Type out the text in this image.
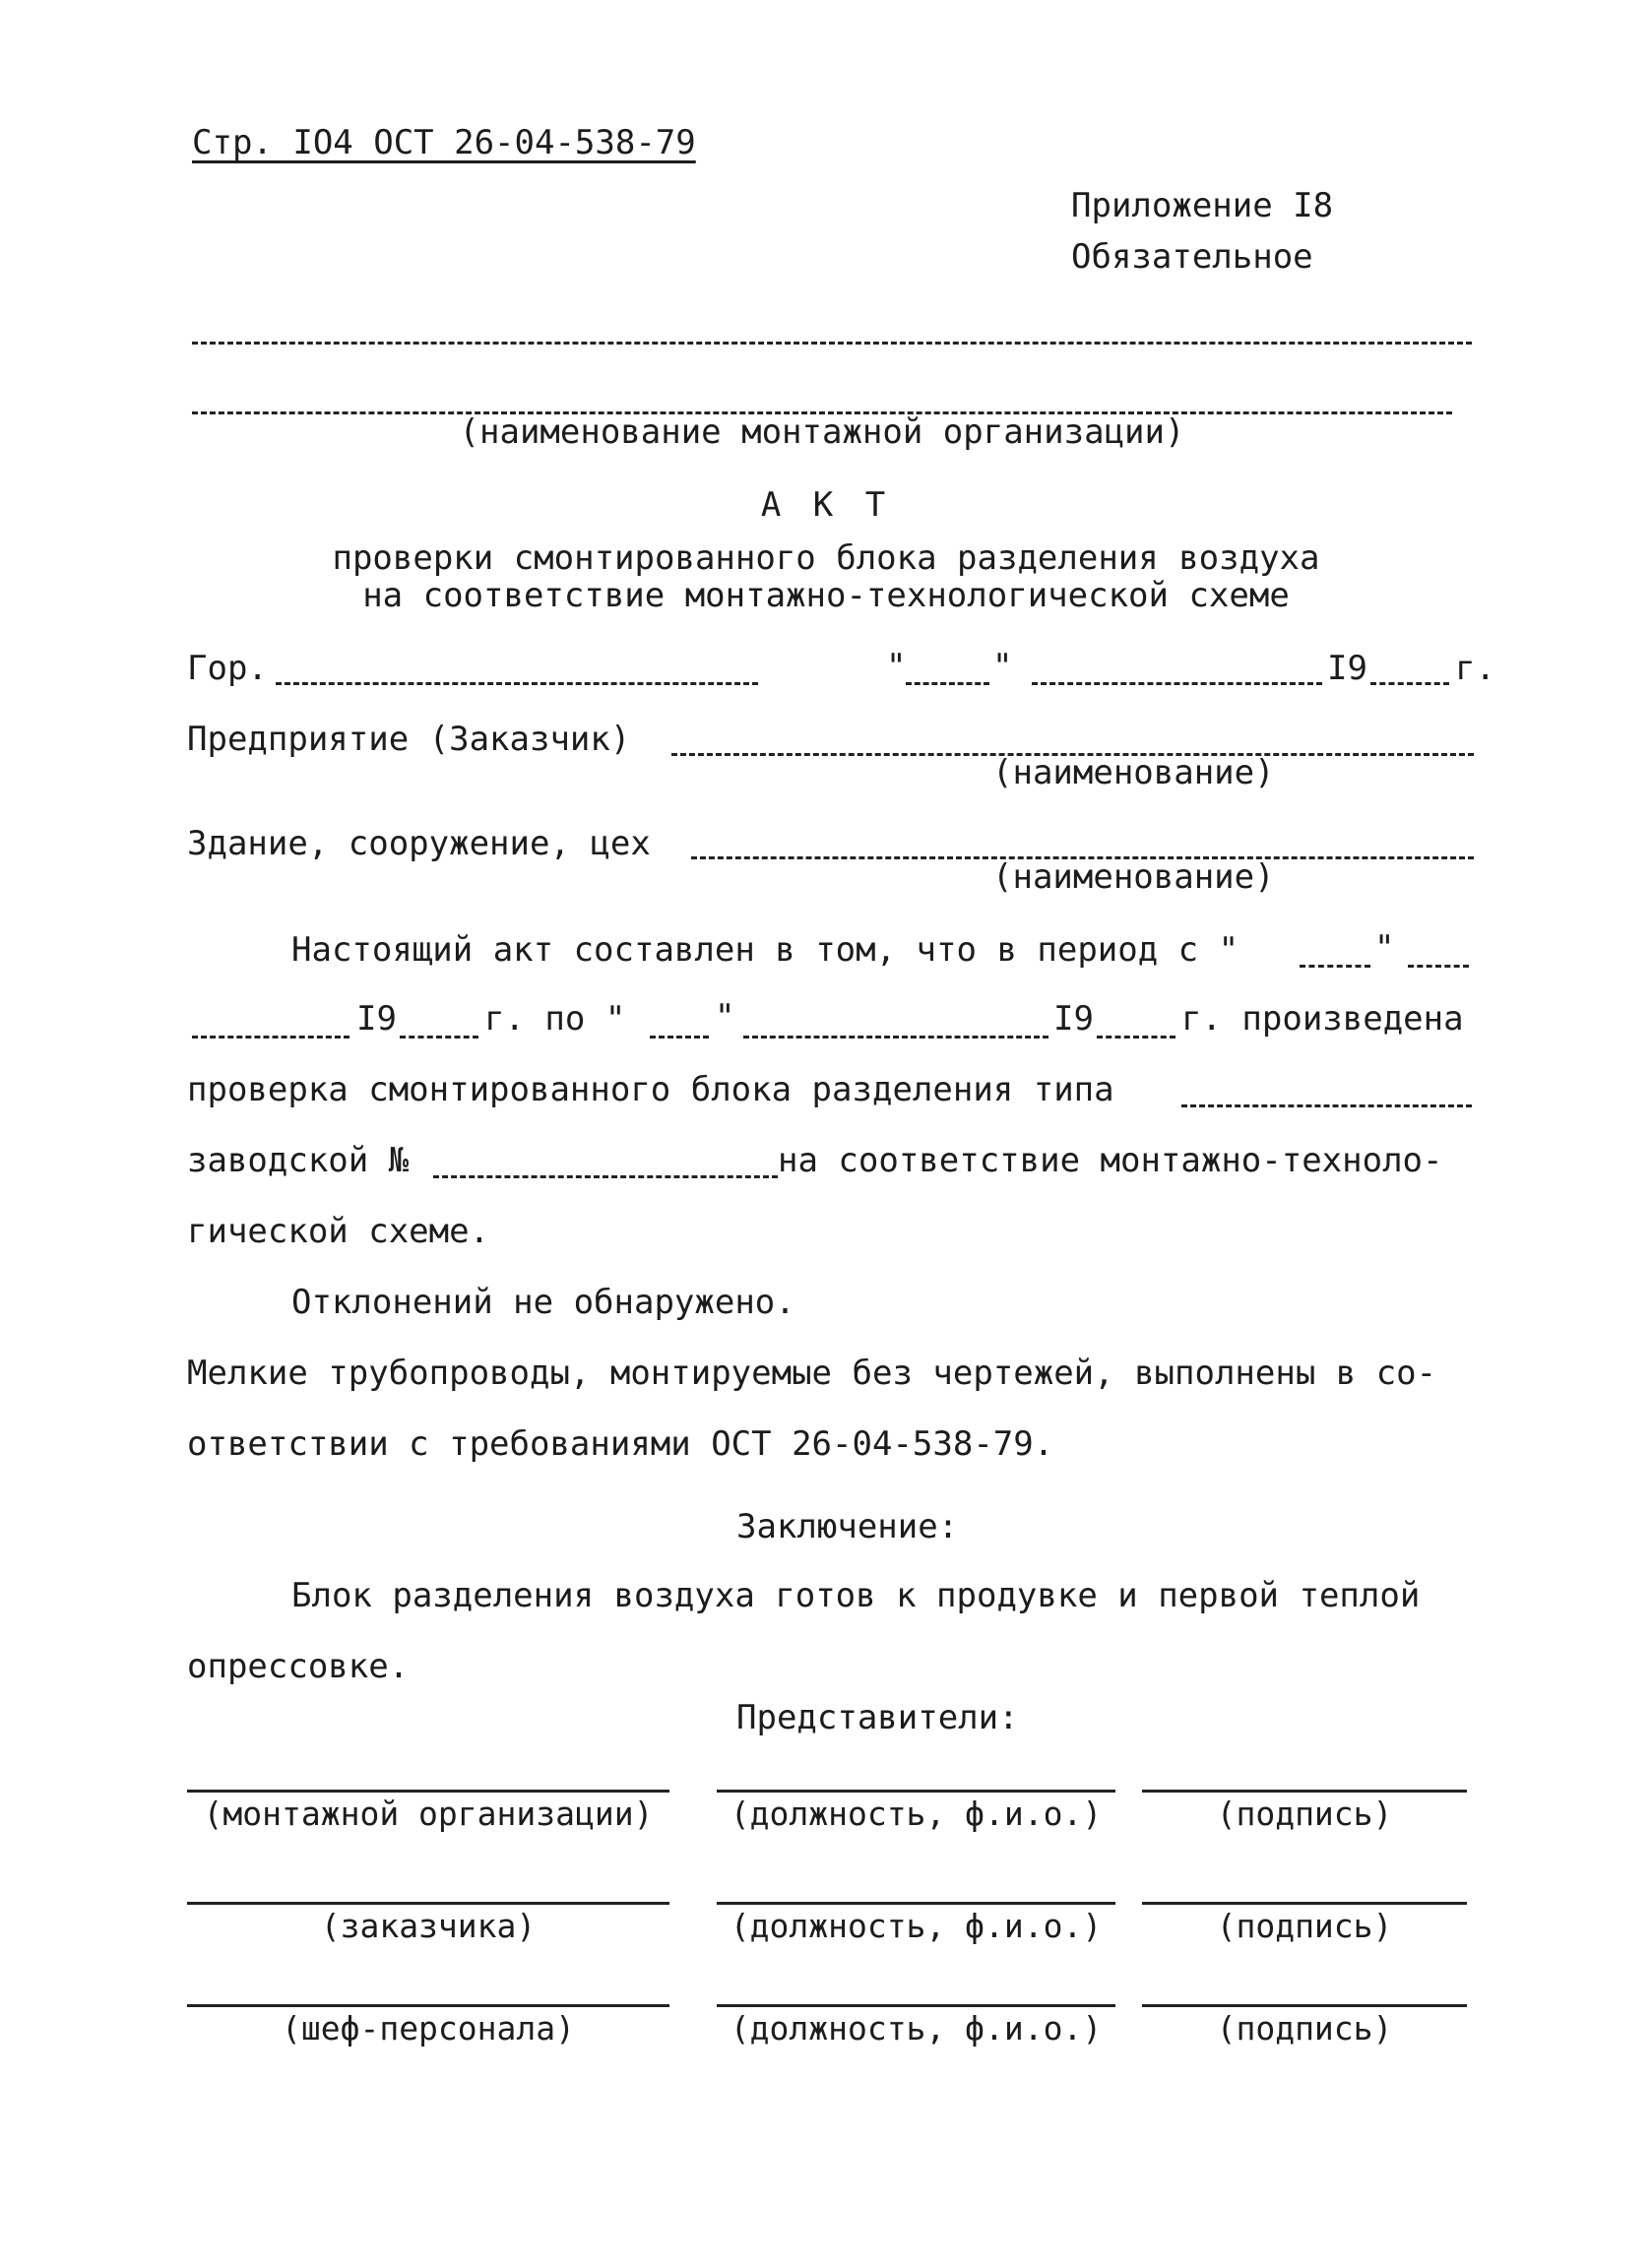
Стр. IO4 ОСТ 26-04-538-79
Приложение I8
Обязательное
(наименование монтажной организации)
А К Т
проверки смонтированного блока разделения воздуха
на соответствие монтажно-технологической схеме
Гор.	"	"	I9	г.
Предприятие (Заказчик)
(наименование)
Здание, сооружение, цех
(наименование)
Настоящий акт составлен в том, что в период с "	"
I9	г. по "	"	I9	г. произведена
проверка смонтированного блока разделения типа
заводской №	на соответствие монтажно-техноло-
гической схеме.
Отклонений не обнаружено.
Мелкие трубопроводы, монтируемые без чертежей, выполнены в со-
ответствии с требованиями ОСТ 26-04-538-79.
Заключение:
Блок разделения воздуха готов к продувке и первой теплой
опрессовке.
Представители:
(монтажной организации)	(должность, ф.и.о.)	(подпись)
(заказчика)	(должность, ф.и.о.)	(подпись)
(шеф-персонала)	(должность, ф.и.о.)	(подпись)
